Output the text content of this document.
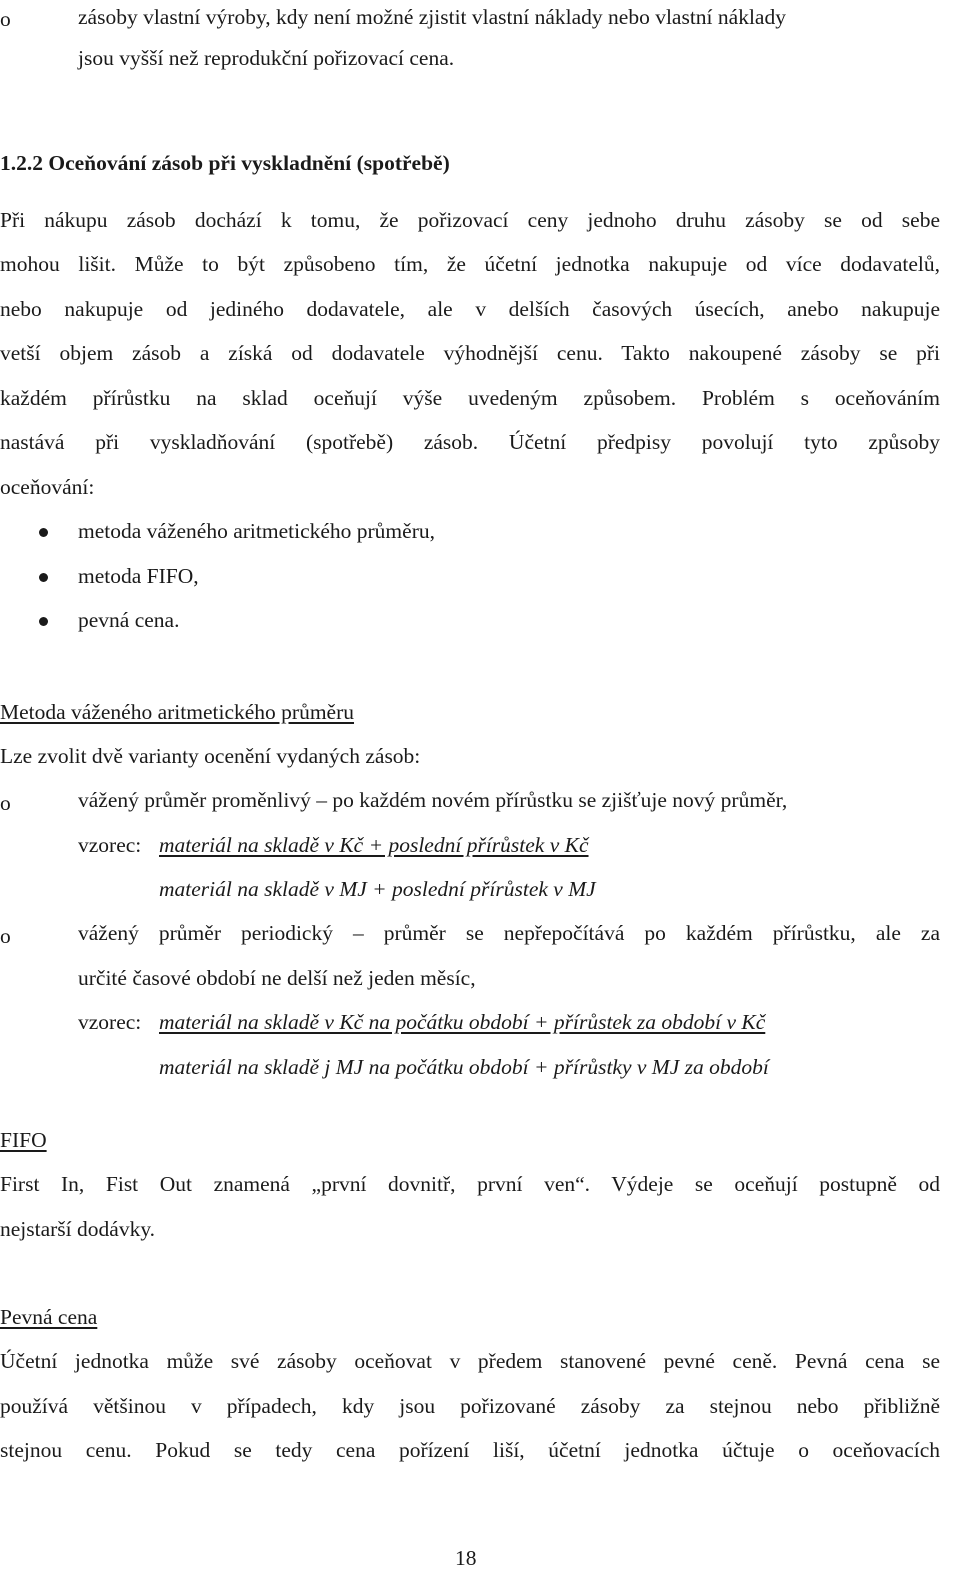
o	zásoby vlastní výroby, kdy není možné zjistit vlastní náklady nebo vlastní náklady
jsou vyšší než reprodukční pořizovací cena.
1.2.2 Oceňování zásob při vyskladnění (spotřebě)
Při nákupu zásob dochází k tomu, že pořizovací ceny jednoho druhu zásoby se od sebe
mohou lišit. Může to být způsobeno tím, že účetní jednotka nakupuje od více dodavatelů,
nebo nakupuje od jediného dodavatele, ale v delších časových úsecích, anebo nakupuje
vetší objem zásob a získá od dodavatele výhodnější cenu. Takto nakoupené zásoby se při
každém přírůstku na sklad oceňují výše uvedeným způsobem. Problém s oceňováním
nastává při vyskladňování (spotřebě) zásob. Účetní předpisy povolují tyto způsoby
oceňování:
metoda váženého aritmetického průměru,
metoda FIFO,
pevná cena.
Metoda váženého aritmetického průměru
Lze zvolit dvě varianty ocenění vydaných zásob:
o	vážený průměr proměnlivý – po každém novém přírůstku se zjišťuje nový průměr,
vzorec: materiál na skladě v Kč + poslední přírůstek v Kč
materiál na skladě v MJ + poslední přírůstek v MJ
o	vážený průměr periodický – průměr se nepřepočítává po každém přírůstku, ale za
určité časové období ne delší než jeden měsíc,
vzorec: materiál na skladě v Kč na počátku období + přírůstek za období v Kč
materiál na skladě j MJ na počátku období + přírůstky v MJ za období
FIFO
First In, Fist Out znamená „první dovnitř, první ven“. Výdeje se oceňují postupně od
nejstarší dodávky.
Pevná cena
Účetní jednotka může své zásoby oceňovat v předem stanovené pevné ceně. Pevná cena se
používá většinou v případech, kdy jsou pořizované zásoby za stejnou nebo přibližně
stejnou cenu. Pokud se tedy cena pořízení liší, účetní jednotka účtuje o oceňovacích
18
